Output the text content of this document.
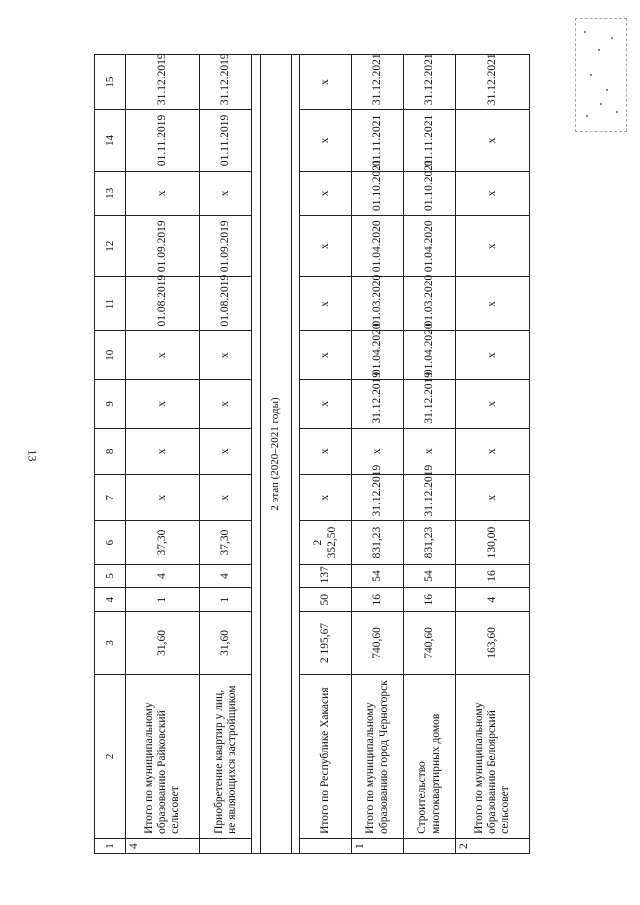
13
1	2	3	4	5	6	7	8	9	10	11	12	13	14	15
4	Итого по муниципальному образованию Райковский сельсовет	31,60	1	4	37,30	x	x	x	x	01.08.2019	01.09.2019	x	01.11.2019	31.12.2019
	Приобретение квартир у лиц, не являющихся застройщиком	31,60	1	4	37,30	x	x	x	x	01.08.2019	01.09.2019	x	01.11.2019	31.12.2019

2 этап (2020–2021 годы)														

	Итого по Республике Хакасия	2 195,67	50	137	2 352,50	x	x	x	x	x	x	x	x	x
1	Итого по муниципальному образованию город Черногорск	740,60	16	54	831,23	31.12.2019	x	31.12.2019	01.04.2020	01.03.2020	01.04.2020	01.10.2021	01.11.2021	31.12.2021
	Строительство многоквартирных домов	740,60	16	54	831,23	31.12.2019	x	31.12.2019	01.04.2020	01.03.2020	01.04.2020	01.10.2021	01.11.2021	31.12.2021
2	Итого по муниципальному образованию Белоярский сельсовет	163,60	4	16	130,00	x	x	x	x	x	x	x	x	31.12.2021
